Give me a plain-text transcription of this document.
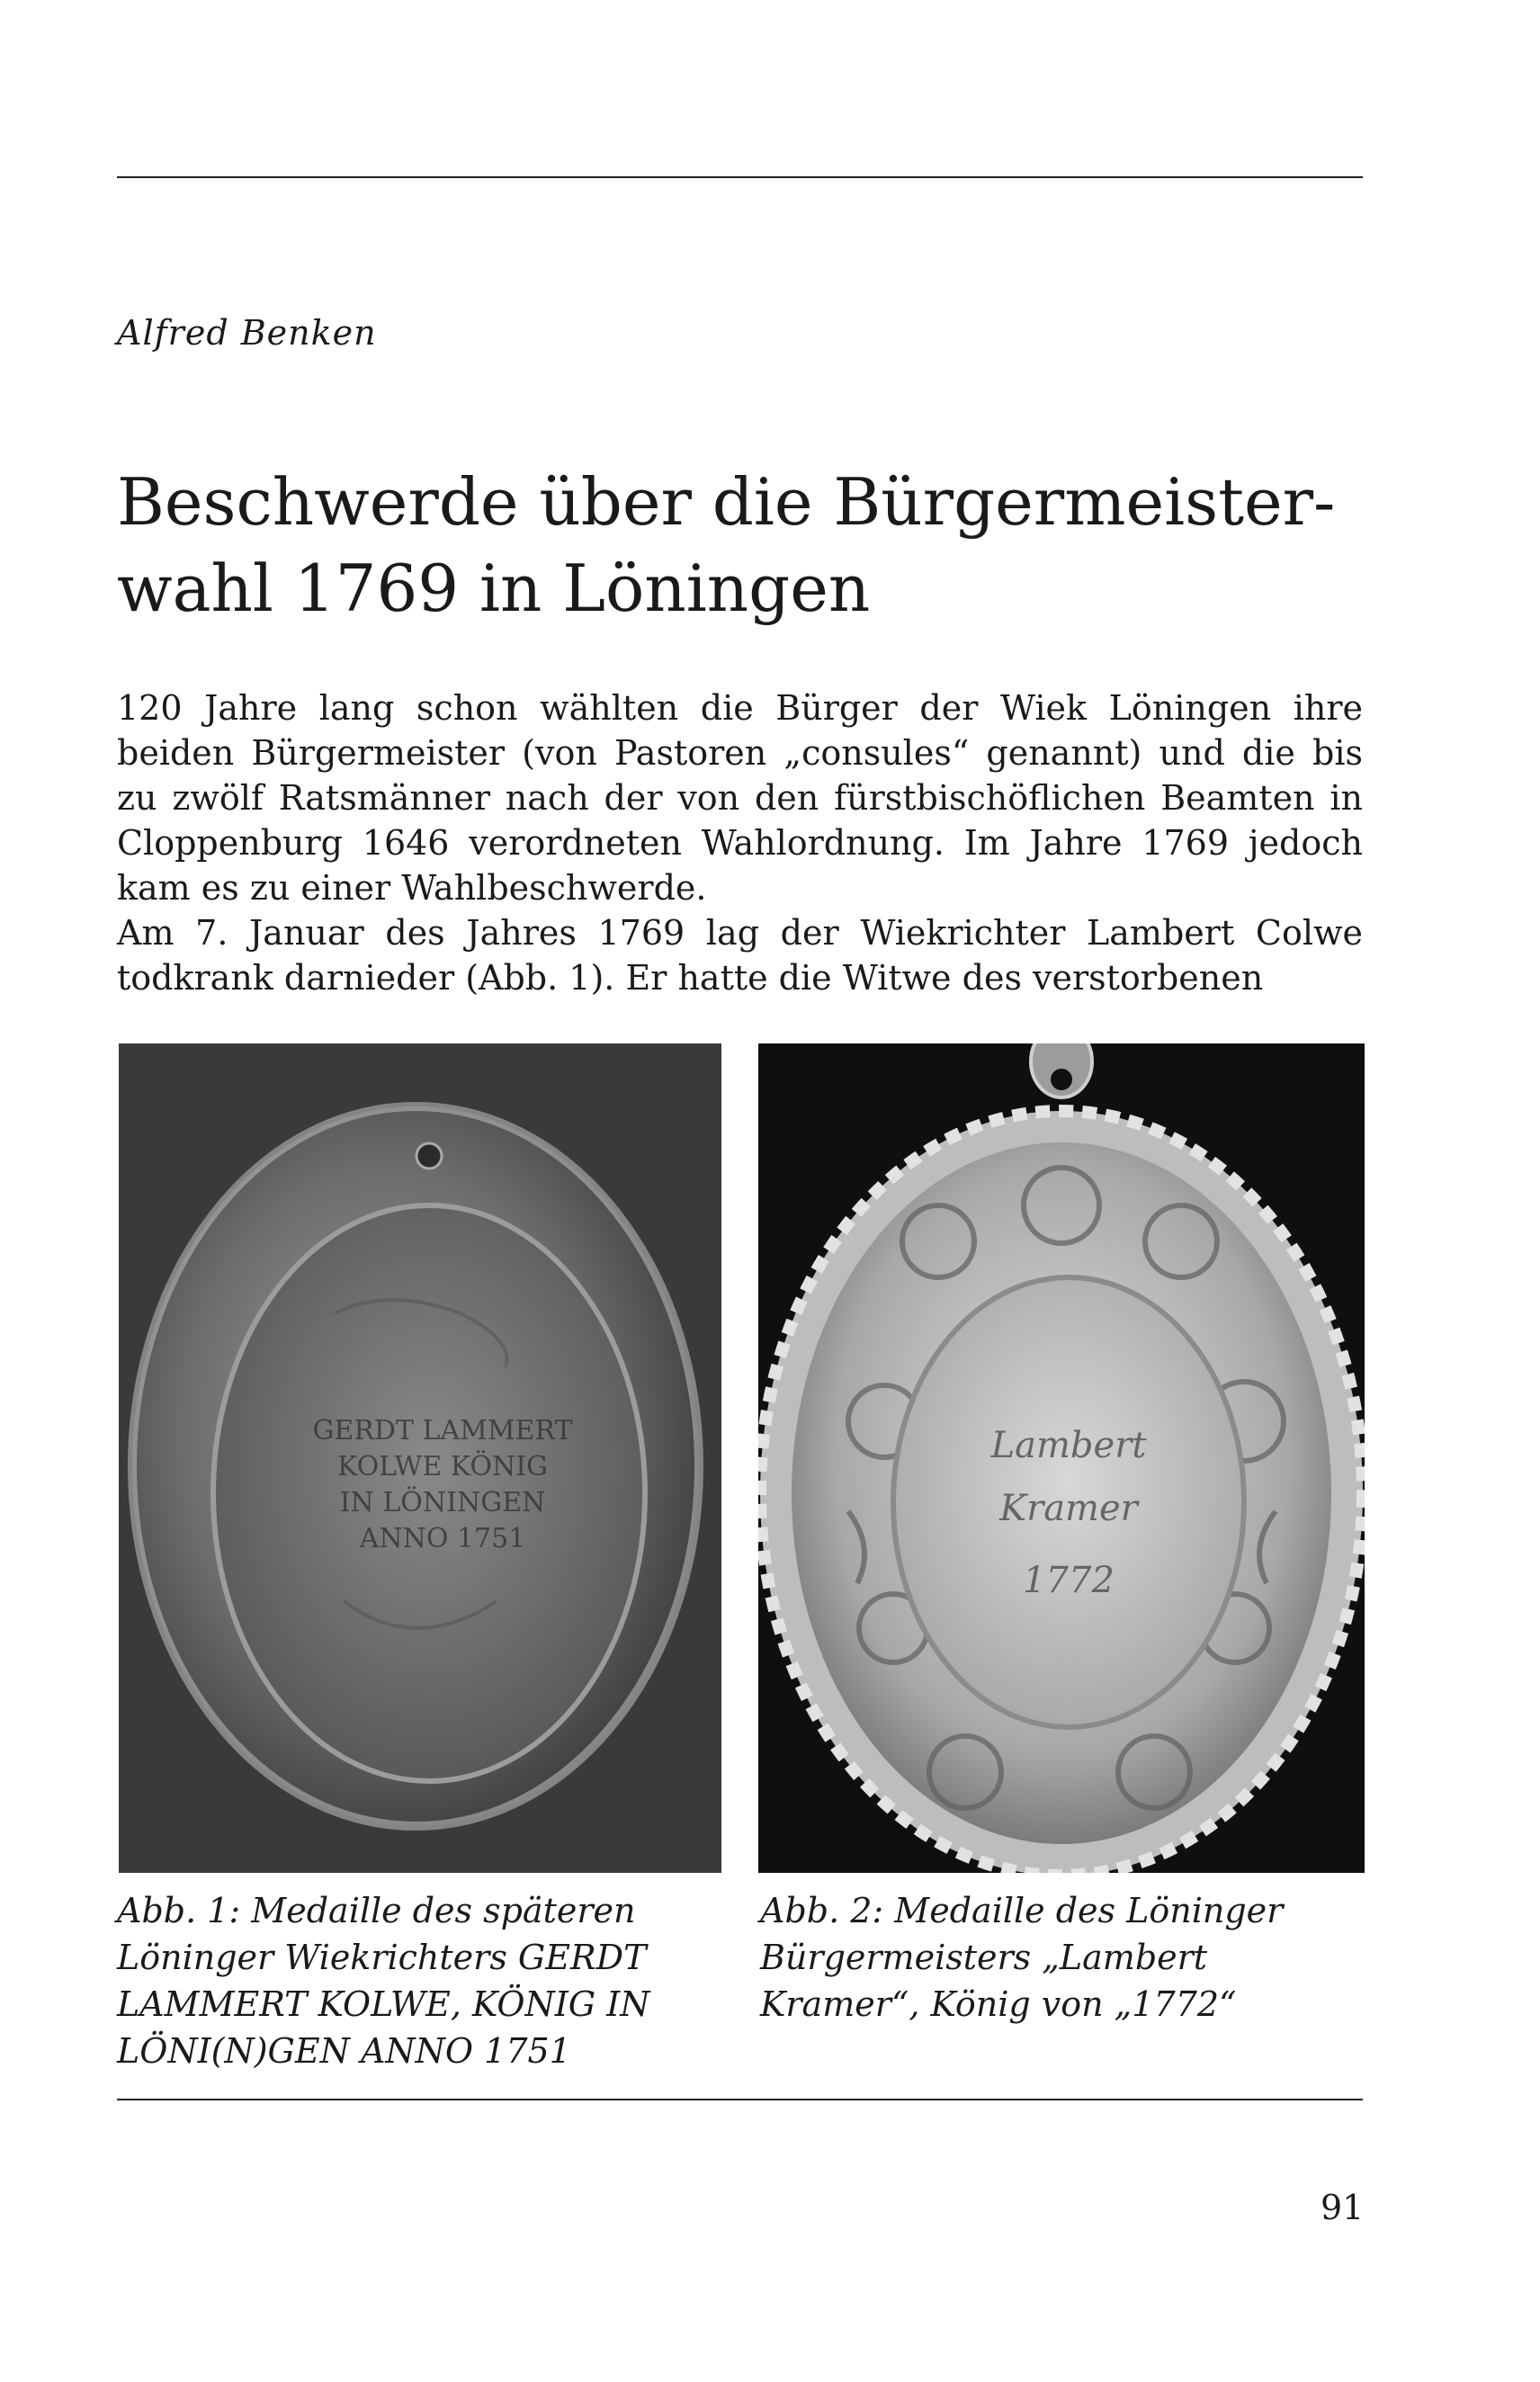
Alfred Benken
Beschwerde über die Bürgermeister-
wahl 1769 in Löningen

120 Jahre lang schon wählten die Bürger der Wiek Löningen ihre beiden Bürgermeister (von Pastoren „consules“ genannt) und die bis zu zwölf Ratsmänner nach der von den fürstbischöflichen Beamten in Cloppenburg 1646 verordneten Wahlordnung. Im Jahre 1769 jedoch kam es zu einer Wahlbeschwerde.

Am 7. Januar des Jahres 1769 lag der Wiekrichter Lambert Colwe todkrank darnieder (Abb. 1). Er hatte die Witwe des verstorbenen

GERDT LAMMERT
KOLWE KÖNIG
IN LÖNINGEN
ANNO 1751
Lambert
Kramer
1772

Abb. 1: Medaille des späteren Löninger Wiekrichters GERDT LAMMERT KOLWE, KÖNIG IN LÖNI(N)GEN ANNO 1751

Abb. 2: Medaille des Löninger Bürgermeisters „Lambert Kramer“, König von „1772“

91
